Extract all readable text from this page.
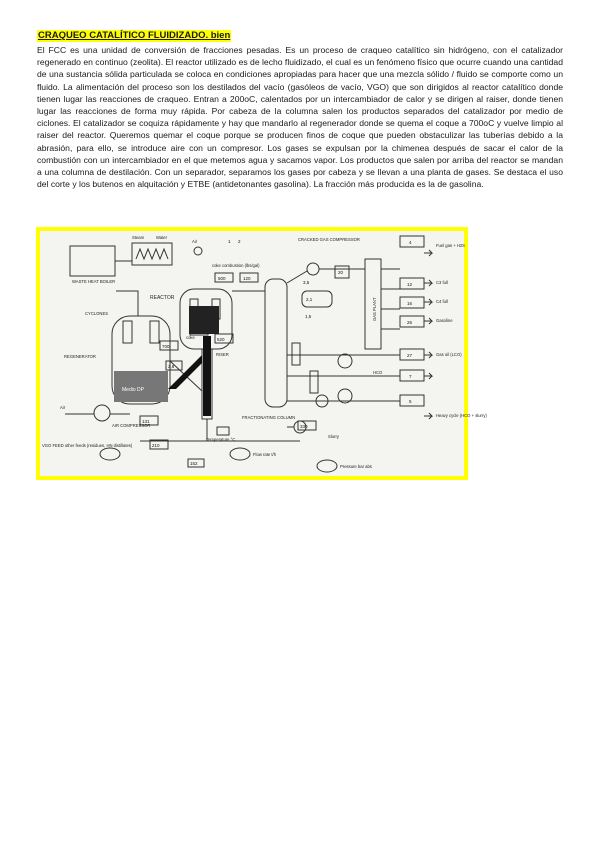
CRAQUEO CATALÍTICO FLUIDIZADO. bien

El FCC es una unidad de conversión de fracciones pesadas. Es un proceso de craqueo catalítico sin hidrógeno, con el catalizador regenerado en continuo (zeolita). El reactor utilizado es de lecho fluidizado, el cual es un fenómeno físico que ocurre cuando una cantidad de una sustancia sólida particulada se coloca en condiciones apropiadas para hacer que una mezcla sólido / fluido se comporte como un fluido. La alimentación del proceso son los destilados del vacío (gasóleos de vacío, VGO) que son dirigidos al reactor catalítico donde tienen lugar las reacciones de craqueo. Entran a 200oC, calentados por un intercambiador de calor y se dirigen al raiser, donde tienen lugar las reacciones de forma muy rápida. Por cabeza de la columna salen los productos separados del catalizador por medio de ciclones. El catalizador se coquiza rápidamente y hay que mandarlo al regenerador donde se quema el coque a 700oC y vuelve limpio al raiser del reactor. Queremos quemar el coque porque se producen finos de coque que pueden obstaculizar las tuberías debido a la abrasión, para ello, se introduce aire con un compresor. Los gases se expulsan por la chimenea después de sacar el calor de la combustión con un intercambiador en el que metemos agua y sacamos vapor. Los productos que salen por arriba del reactor se mandan a una columna de destilación. Con un separador, separamos los gases por cabeza y se llevan a una planta de gases. Se destaca el uso del corte y los butenos en alquitación y ETBE (antidetonantes gasolina). La fracción más producida es la de gasolina.

Steam	Water
WASTE HEAT BOILER
Air
coke combustion (lbs/gal)
REACTOR
CYCLONES
REGENERATOR	RISER
Medio DP
Air
VGO FEED other feeds (residues, HN distillates)
AIR COMPRESSOR
CRACKED GAS COMPRESSOR
GAS PLANT
FRACTIONATING COLUMN
Fuel gas + H2S
C3 full
C4 full
Gasoline
Gas oil (LCO)
HCO
Heavy cycle (HCO + slurry)
Temperature °C
Flow rate t/h
Pressure bar abs
Slurry
coke
1 2
120
500
520
700
2,8
131
3,5
2,1
1,5
20
4
12
16
26
27
7
5
210
330
152
